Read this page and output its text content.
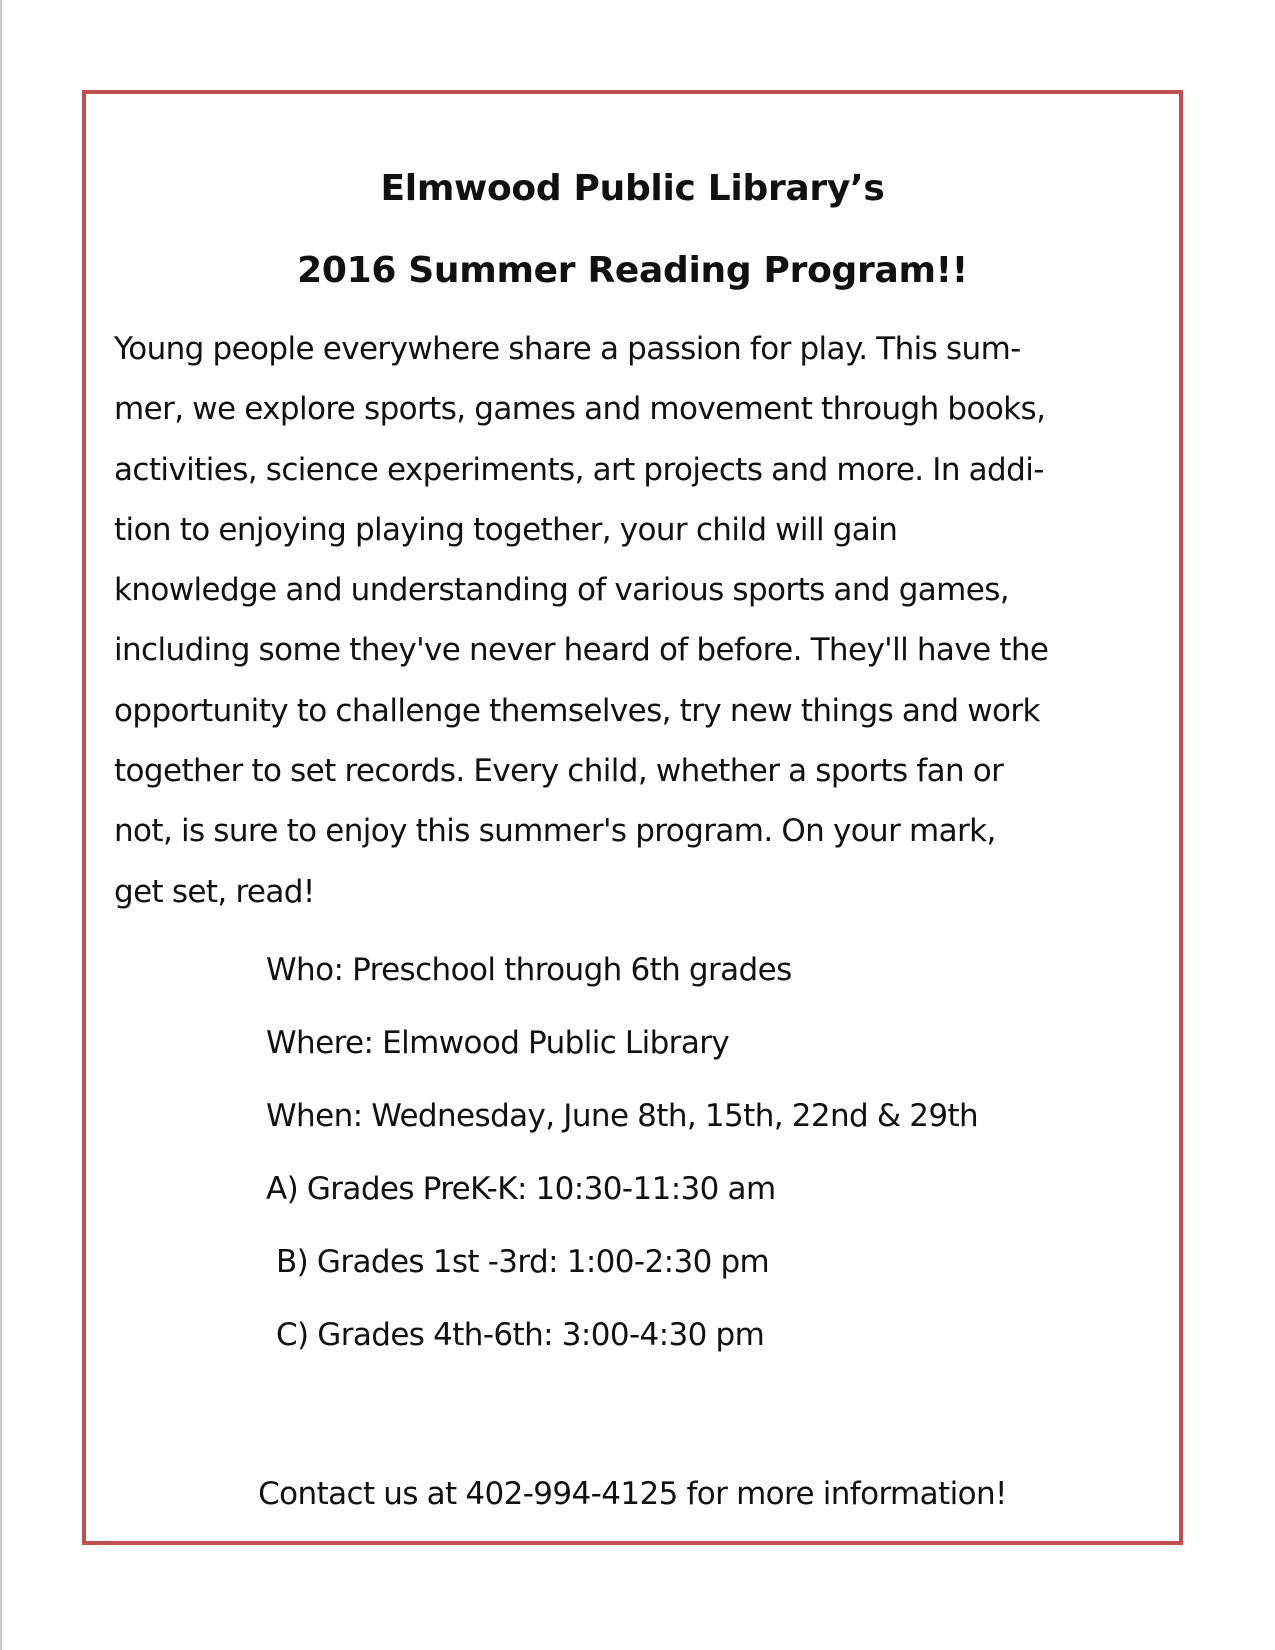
Elmwood Public Library’s
2016 Summer Reading Program!!
Young people everywhere share a passion for play. This sum-
mer, we explore sports, games and movement through books,
activities, science experiments, art projects and more. In addi-
tion to enjoying playing together, your child will gain
knowledge and understanding of various sports and games,
including some they've never heard of before. They'll have the
opportunity to challenge themselves, try new things and work
together to set records. Every child, whether a sports fan or
not, is sure to enjoy this summer's program. On your mark,
get set, read!
Who: Preschool through 6th grades
Where: Elmwood Public Library
When: Wednesday, June 8th, 15th, 22nd & 29th
A) Grades PreK-K: 10:30-11:30 am
B) Grades 1st -3rd: 1:00-2:30 pm
C) Grades 4th-6th: 3:00-4:30 pm
Contact us at 402-994-4125 for more information!
